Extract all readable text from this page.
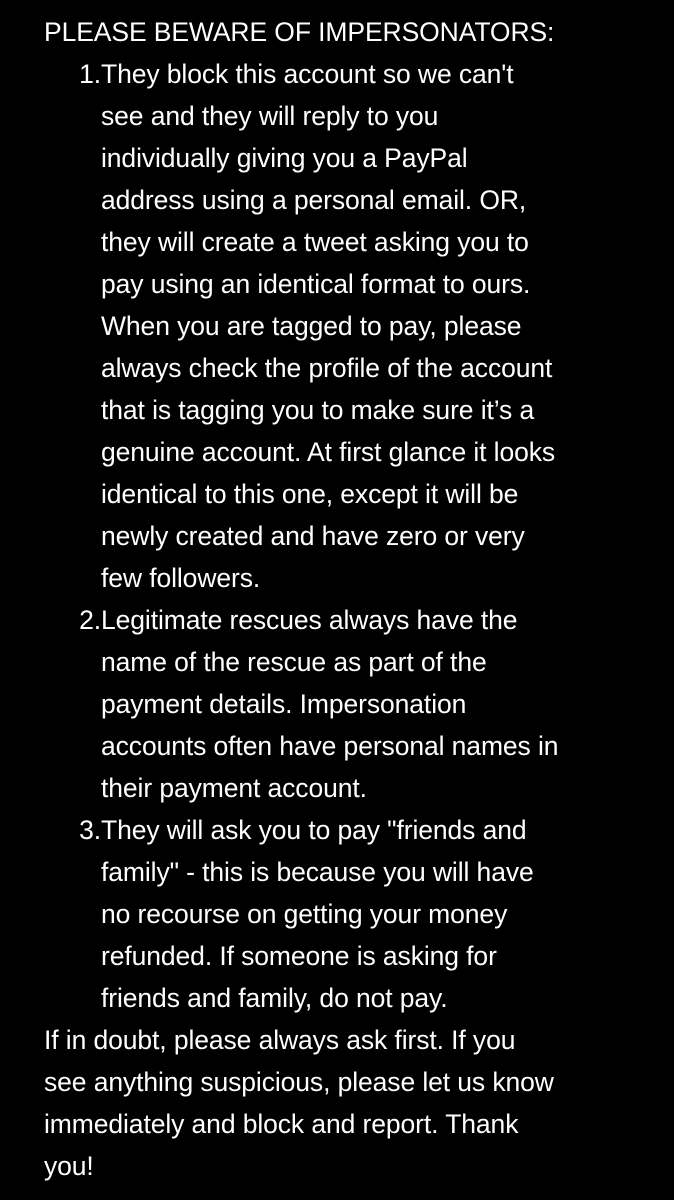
PLEASE BEWARE OF IMPERSONATORS:
1. They block this account so we can't
see and they will reply to you
individually giving you a PayPal
address using a personal email. OR,
they will create a tweet asking you to
pay using an identical format to ours.
When you are tagged to pay, please
always check the profile of the account
that is tagging you to make sure it’s a
genuine account. At first glance it looks
identical to this one, except it will be
newly created and have zero or very
few followers.
2. Legitimate rescues always have the
name of the rescue as part of the
payment details. Impersonation
accounts often have personal names in
their payment account.
3. They will ask you to pay "friends and
family" - this is because you will have
no recourse on getting your money
refunded. If someone is asking for
friends and family, do not pay.

If in doubt, please always ask first. If you
see anything suspicious, please let us know
immediately and block and report. Thank
you!
